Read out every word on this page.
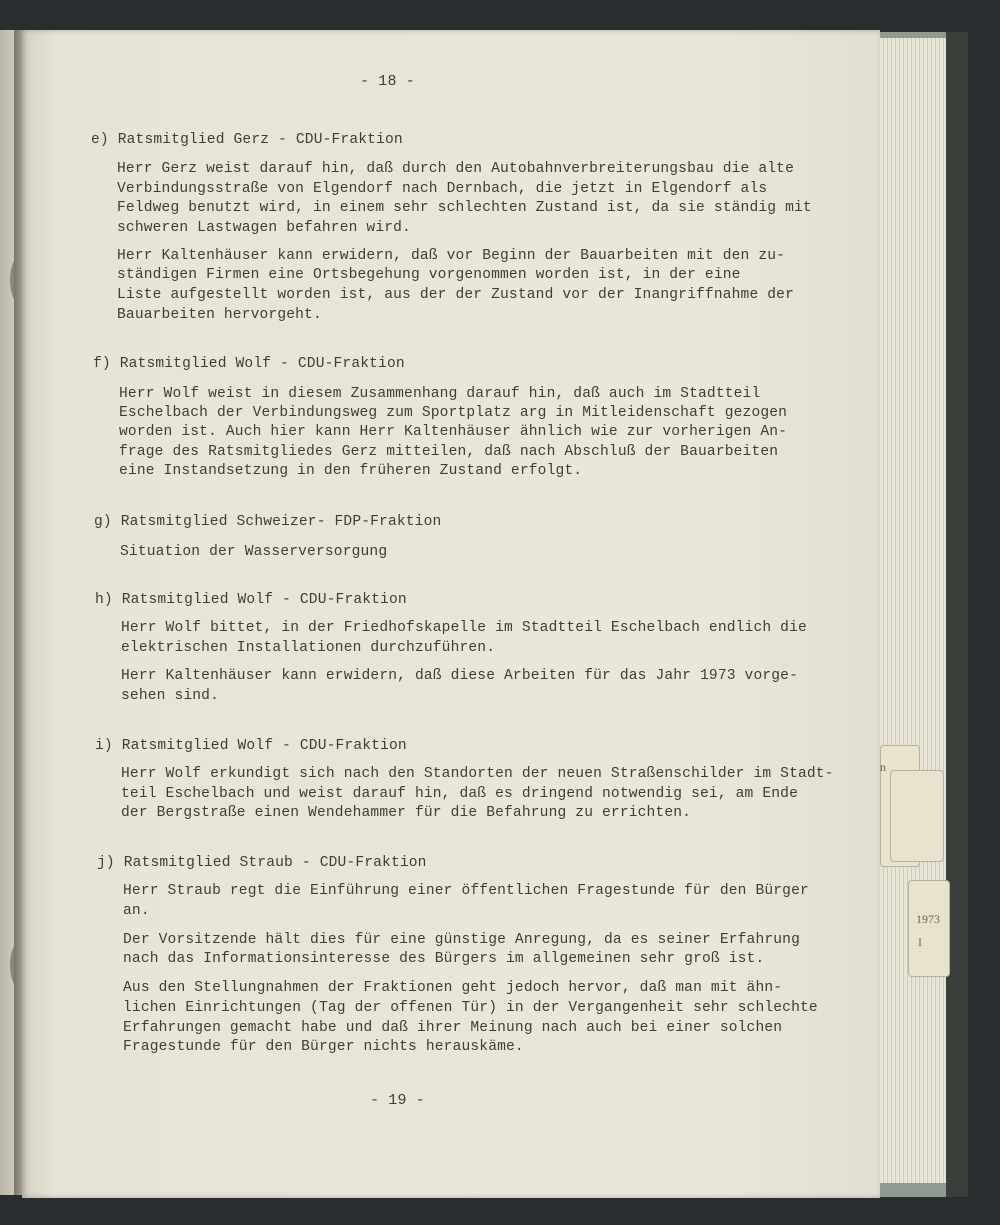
n
1973
I
- 18 -
e) Ratsmitglied Gerz - CDU-Fraktion
Herr Gerz weist darauf hin, daß durch den Autobahnverbreiterungsbau die alte
Verbindungsstraße von Elgendorf nach Dernbach, die jetzt in Elgendorf als
Feldweg benutzt wird, in einem sehr schlechten Zustand ist, da sie ständig mit
schweren Lastwagen befahren wird.
Herr Kaltenhäuser kann erwidern, daß vor Beginn der Bauarbeiten mit den zu-
ständigen Firmen eine Ortsbegehung vorgenommen worden ist, in der eine
Liste aufgestellt worden ist, aus der der Zustand vor der Inangriffnahme der
Bauarbeiten hervorgeht.
f) Ratsmitglied Wolf - CDU-Fraktion
Herr Wolf weist in diesem Zusammenhang darauf hin, daß auch im Stadtteil
Eschelbach der Verbindungsweg zum Sportplatz arg in Mitleidenschaft gezogen
worden ist. Auch hier kann Herr Kaltenhäuser ähnlich wie zur vorherigen An-
frage des Ratsmitgliedes Gerz mitteilen, daß nach Abschluß der Bauarbeiten
eine Instandsetzung in den früheren Zustand erfolgt.
g) Ratsmitglied Schweizer- FDP-Fraktion
Situation der Wasserversorgung
h) Ratsmitglied Wolf - CDU-Fraktion
Herr Wolf bittet, in der Friedhofskapelle im Stadtteil Eschelbach endlich die
elektrischen Installationen durchzuführen.
Herr Kaltenhäuser kann erwidern, daß diese Arbeiten für das Jahr 1973 vorge-
sehen sind.
i) Ratsmitglied Wolf - CDU-Fraktion
Herr Wolf erkundigt sich nach den Standorten der neuen Straßenschilder im Stadt-
teil Eschelbach und weist darauf hin, daß es dringend notwendig sei, am Ende
der Bergstraße einen Wendehammer für die Befahrung zu errichten.
j) Ratsmitglied Straub - CDU-Fraktion
Herr Straub regt die Einführung einer öffentlichen Fragestunde für den Bürger
an.
Der Vorsitzende hält dies für eine günstige Anregung, da es seiner Erfahrung
nach das Informationsinteresse des Bürgers im allgemeinen sehr groß ist.
Aus den Stellungnahmen der Fraktionen geht jedoch hervor, daß man mit ähn-
lichen Einrichtungen (Tag der offenen Tür) in der Vergangenheit sehr schlechte
Erfahrungen gemacht habe und daß ihrer Meinung nach auch bei einer solchen
Fragestunde für den Bürger nichts herauskäme.
- 19 -
